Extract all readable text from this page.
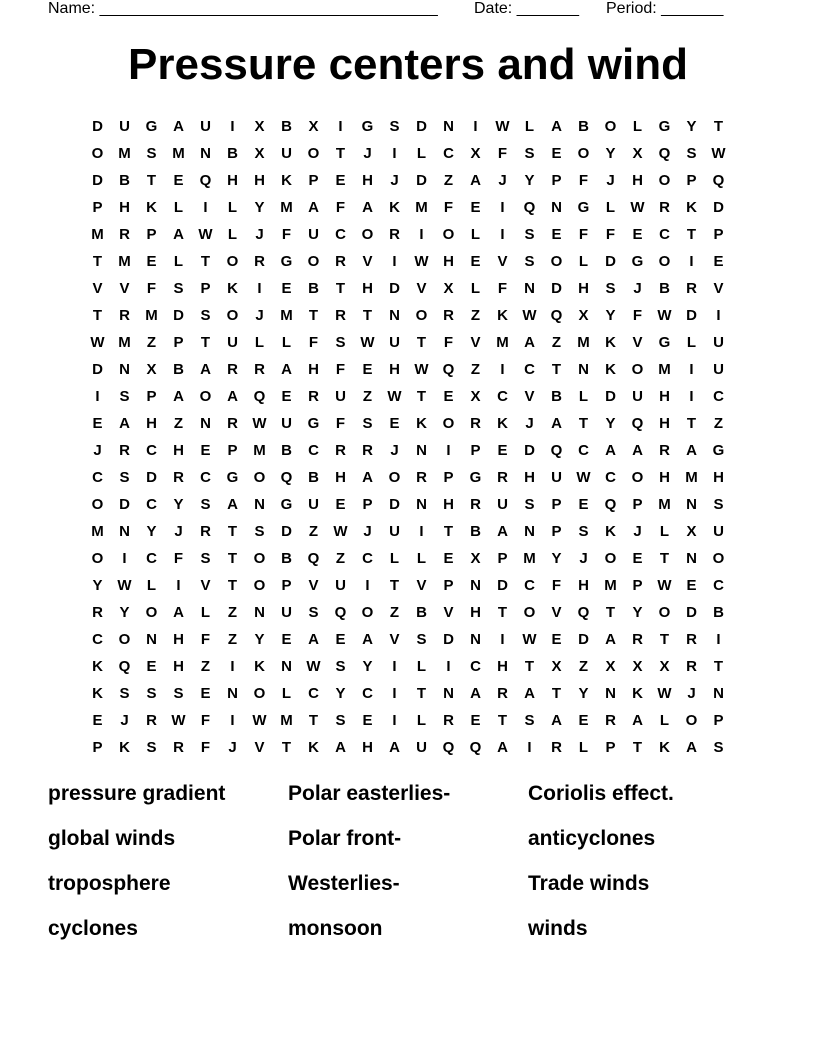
Name: ______________________________________ Date: _______ Period: _______
Pressure centers and wind
D	U	G	A	U	I	X	B	X	I	G	S	D	N	I	W	L	A	B	O	L	G	Y	T
O M	S	M	N	B	X	U	O	T	J	I	L	C	X	F	S	E	O	Y	X	Q	S W
D	B	T	E	Q	H	H	K	P	E	H	J	D	Z	A	J	Y	P	F	J	H	O	P	Q
P	H	K	L	I	L	Y	M	A	F	A	K	M	F	E	I	Q	N	G	L	W R	K	D
M	R	P	A W	L	J	F	U	C	O	R	I	O	L	I	S	E	F	F	E	C	T	P
T	M	E	L	T	O	R	G	O	R	V	I	W H	E	V	S	O	L	D	G	O	I	E
V	V	F	S	P	K	I	E	B	T	H	D	V	X	L	F	N	D	H	S	J	B	R	V
T	R	M	D	S	O	J	M	T	R	T	N	O	R	Z	K W Q	X	Y	F	W D	I
W M	Z	P	T	U	L	L	F	S W U	T	F	V	M	A	Z	M	K	V	G	L	U
D	N	X	B	A	R	R	A	H	F	E	H W Q	Z	I	C	T	N	K	O M	I	U
I	S	P	A	O	A	Q	E	R	U	Z	W	T	E	X	C	V	B	L	D	U	H	I	C
E	A	H	Z	N	R W U	G	F	S	E	K	O	R	K	J	A	T	Y	Q	H	T	Z
J	R	C	H	E	P	M	B	C	R	R	J	N	I	P	E	D	Q	C	A	A	R	A	G
C	S	D	R	C	G	O	Q	B	H	A	O	R	P	G	R	H	U W C	O	H	M	H
O	D	C	Y	S	A	N	G	U	E	P	D	N	H	R	U	S	P	E	Q	P	M	N	S
M	N	Y	J	R	T	S	D	Z	W	J	U	I	T	B	A	N	P	S	K	J	L	X	U
O	I	C	F	S	T	O	B	Q	Z	C	L	L	E	X	P	M	Y	J	O	E	T	N	O
Y W	L	I	V	T	O	P	V	U	I	T	V	P	N	D	C	F	H	M	P W E	C
R	Y	O	A	L	Z	N	U	S	Q	O	Z	B	V	H	T	O	V	Q	T	Y	O	D	B
C	O	N	H	F	Z	Y	E	A	E	A	V	S	D	N	I	W E	D	A	R	T	R	I
K	Q	E	H	Z	I	K	N W S	Y	I	L	I	C	H	T	X	Z	X	X	X	R	T
K	S	S	S	E	N	O	L	C	Y	C	I	T	N	A	R	A	T	Y	N	K W	J	N
E	J	R W	F	I	W M	T	S	E	I	L	R	E	T	S	A	E	R	A	L	O	P
P	K	S	R	F	J	V	T	K	A	H	A	U	Q	Q	A	I	R	L	P	T	K	A	S
pressure gradient
global winds
troposphere
cyclones
Polar easterlies-
Polar front-
Westerlies-
monsoon
Coriolis effect.
anticyclones
Trade winds
winds
